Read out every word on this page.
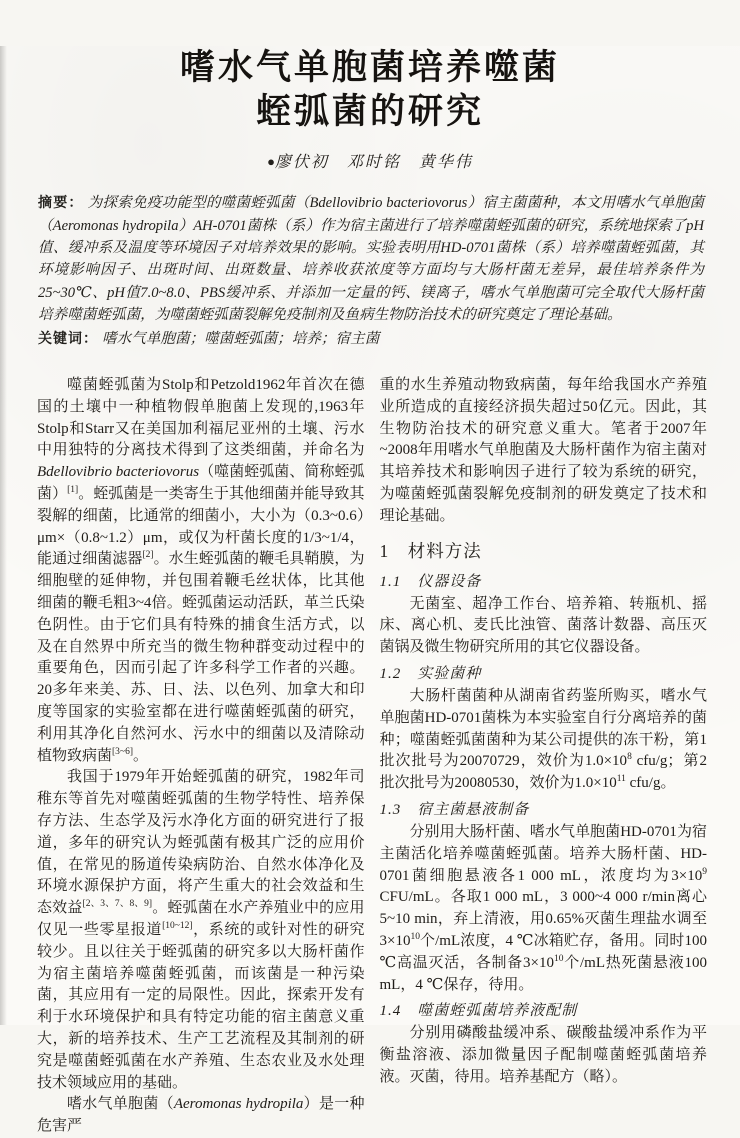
嗜水气单胞菌培养噬菌
蛭弧菌的研究
●廖伏初　邓时铭　黄华伟

摘要： 为探索免疫功能型的噬菌蛭弧菌（Bdellovibrio bacteriovorus）宿主菌菌种，本文用嗜水气单胞菌（Aeromonas hydropila）AH-0701菌株（系）作为宿主菌进行了培养噬菌蛭弧菌的研究，系统地探索了pH值、缓冲系及温度等环境因子对培养效果的影响。实验表明用HD-0701菌株（系）培养噬菌蛭弧菌，其环境影响因子、出斑时间、出斑数量、培养收获浓度等方面均与大肠杆菌无差异，最佳培养条件为25~30℃、pH值7.0~8.0、PBS缓冲系、并添加一定量的钙、镁离子，嗜水气单胞菌可完全取代大肠杆菌培养噬菌蛭弧菌，为噬菌蛭弧菌裂解免疫制剂及鱼病生物防治技术的研究奠定了理论基础。

关键词： 嗜水气单胞菌；噬菌蛭弧菌；培养；宿主菌

噬菌蛭弧菌为Stolp和Petzold1962年首次在德国的土壤中一种植物假单胞菌上发现的,1963年Stolp和Starr又在美国加利福尼亚州的土壤、污水中用独特的分离技术得到了这类细菌，并命名为Bdellovibrio bacteriovorus（噬菌蛭弧菌、简称蛭弧菌）[1]。蛭弧菌是一类寄生于其他细菌并能导致其裂解的细菌，比通常的细菌小，大小为（0.3~0.6）μm×（0.8~1.2）μm，或仅为杆菌长度的1/3~1/4，能通过细菌滤器[2]。水生蛭弧菌的鞭毛具鞘膜，为细胞壁的延伸物，并包围着鞭毛丝状体，比其他细菌的鞭毛粗3~4倍。蛭弧菌运动活跃，革兰氏染色阴性。由于它们具有特殊的捕食生活方式，以及在自然界中所充当的微生物种群变动过程中的重要角色，因而引起了许多科学工作者的兴趣。20多年来美、苏、日、法、以色列、加拿大和印度等国家的实验室都在进行噬菌蛭弧菌的研究，利用其净化自然河水、污水中的细菌以及清除动植物致病菌[3~6]。

我国于1979年开始蛭弧菌的研究，1982年司稚东等首先对噬菌蛭弧菌的生物学特性、培养保存方法、生态学及污水净化方面的研究进行了报道，多年的研究认为蛭弧菌有极其广泛的应用价值，在常见的肠道传染病防治、自然水体净化及环境水源保护方面，将产生重大的社会效益和生态效益[2、3、7、8、9]。蛭弧菌在水产养殖业中的应用仅见一些零星报道[10~12]，系统的或针对性的研究较少。且以往关于蛭弧菌的研究多以大肠杆菌作为宿主菌培养噬菌蛭弧菌，而该菌是一种污染菌，其应用有一定的局限性。因此，探索开发有利于水环境保护和具有特定功能的宿主菌意义重大，新的培养技术、生产工艺流程及其制剂的研究是噬菌蛭弧菌在水产养殖、生态农业及水处理技术领域应用的基础。

嗜水气单胞菌（Aeromonas hydropila）是一种危害严

重的水生养殖动物致病菌，每年给我国水产养殖业所造成的直接经济损失超过50亿元。因此，其生物防治技术的研究意义重大。笔者于2007年~2008年用嗜水气单胞菌及大肠杆菌作为宿主菌对其培养技术和影响因子进行了较为系统的研究，为噬菌蛭弧菌裂解免疫制剂的研发奠定了技术和理论基础。

1　材料方法
1.1　仪器设备

无菌室、超净工作台、培养箱、转瓶机、摇床、离心机、麦氏比浊管、菌落计数器、高压灭菌锅及微生物研究所用的其它仪器设备。

1.2　实验菌种

大肠杆菌菌种从湖南省药鉴所购买，嗜水气单胞菌HD-0701菌株为本实验室自行分离培养的菌种；噬菌蛭弧菌菌种为某公司提供的冻干粉，第1批次批号为20070729，效价为$1.0\times 10^8$ cfu/g；第2批次批号为20080530，效价为$1.0\times 10^{11}$ cfu/g。

1.3　宿主菌悬液制备

分别用大肠杆菌、嗜水气单胞菌HD-0701为宿主菌活化培养噬菌蛭弧菌。培养大肠杆菌、HD-0701菌细胞悬液各1 000 mL，浓度均为$3\times 10^9$ CFU/mL。各取1 000 mL，3 000~4 000 r/min离心5~10 min，弃上清液，用0.65%灭菌生理盐水调至$3\times 10^{10}$个/mL浓度，4 ℃冰箱贮存，备用。同时100 ℃高温灭活，各制备$3\times 10^{10}$个/mL热死菌悬液100 mL，4 ℃保存，待用。

1.4　噬菌蛭弧菌培养液配制

分别用磷酸盐缓冲系、碳酸盐缓冲系作为平衡盐溶液、添加微量因子配制噬菌蛭弧菌培养液。灭菌，待用。培养基配方（略）。
